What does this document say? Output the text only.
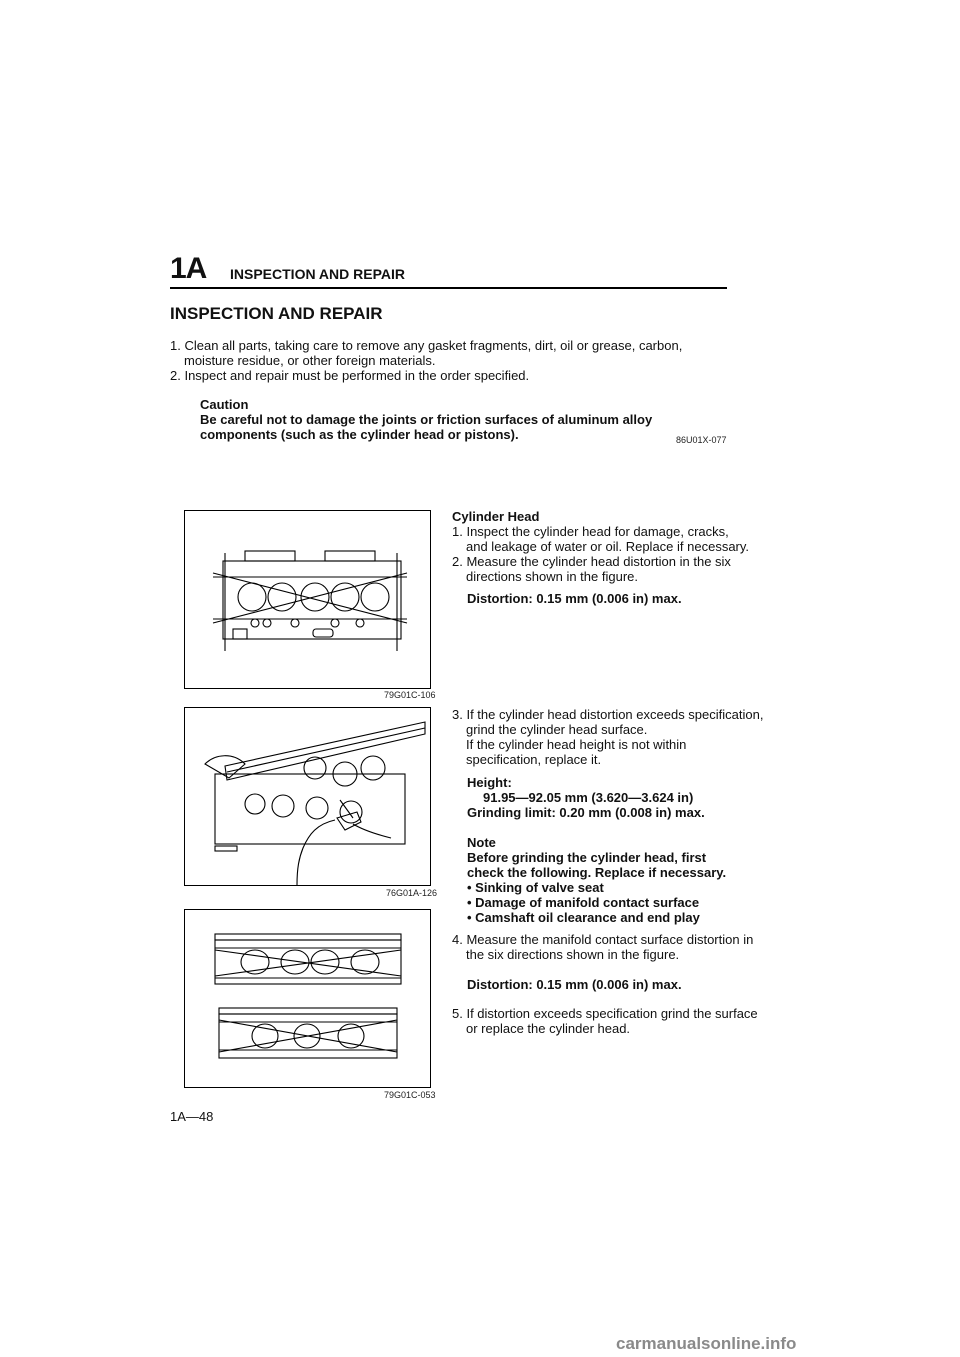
1A INSPECTION AND REPAIR
INSPECTION AND REPAIR
1. Clean all parts, taking care to remove any gasket fragments, dirt, oil or grease, carbon, moisture residue, or other foreign materials.
2. Inspect and repair must be performed in the order specified.
Caution
Be careful not to damage the joints or friction surfaces of aluminum alloy components (such as the cylinder head or pistons).	86U01X-077
79G01C-106
76G01A-126
79G01C-053
Cylinder Head

1. Inspect the cylinder head for damage, cracks, and leakage of water or oil. Replace if necessary.

2. Measure the cylinder head distortion in the six directions shown in the figure.

Distortion: 0.15 mm (0.006 in) max.
3. If the cylinder head distortion exceeds specification, grind the cylinder head surface.
If the cylinder head height is not within specification, replace it.
Height:
91.95—92.05 mm (3.620—3.624 in)
Grinding limit: 0.20 mm (0.008 in) max.
Note
Before grinding the cylinder head, first check the following. Replace if necessary.
• Sinking of valve seat
• Damage of manifold contact surface
• Camshaft oil clearance and end play
4. Measure the manifold contact surface distortion in the six directions shown in the figure.
Distortion: 0.15 mm (0.006 in) max.
5. If distortion exceeds specification grind the surface or replace the cylinder head.
1A—48
carmanualsonline.info
